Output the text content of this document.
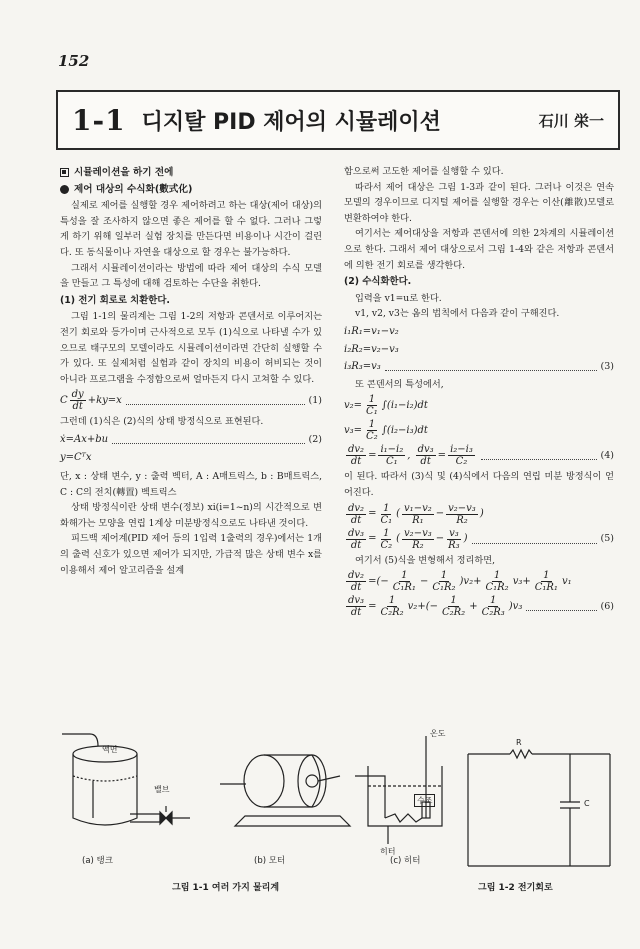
152
1-1 디지탈 PID 제어의 시뮬레이션	石川 栄一
시뮬레이션을 하기 전에
제어 대상의 수식화(數式化)

실제로 제어를 실행할 경우 제어하려고 하는 대상(제어 대상)의 특성을 잘 조사하지 않으면 좋은 제어를 할 수 없다. 그러나 그렇게 하기 위해 일부러 실험 장치를 만든다면 비용이나 시간이 걸린다. 또 동식물이나 자연을 대상으로 할 경우는 불가능하다.

그래서 시뮬레이션이라는 방법에 따라 제어 대상의 수식 모델을 만들고 그 특성에 대해 검토하는 수단을 취한다.

(1) 전기 회로로 치환한다.

그림 1-1의 물리계는 그림 1-2의 저항과 콘덴서로 이루어지는 전기 회로와 등가이며 근사적으로 모두 (1)식으로 나타낼 수가 있으므로 태구모의 모델이라도 시뮬레이션이라면 간단히 실행할 수가 있다. 또 실제처럼 실험과 같이 장치의 비용이 허비되는 것이 아니라 프로그램을 수정함으로써 얼마든지 다시 고쳐할 수 있다.

C $\frac{dy}{dt} +ky=x$	(1)

그런데 (1)식은 (2)식의 상태 방정식으로 표현된다.

ẋ=Ax+bu	(2)
y=Cᵀx

단, x : 상태 변수, y : 출력 벡터, A : A매트릭스, b : B매트릭스, C : C의 전치(轉置) 벡트릭스

상태 방정식이란 상태 변수(정보) xi(i=1~n)의 시간적으로 변화해가는 모양을 연립 1계상 미분방정식으로도 나타낸 것이다.

피드백 제어계(PID 제어 등의 1입력 1출력의 경우)에서는 1개의 출력 신호가 있으면 제어가 되지만, 가급적 많은 상태 변수 x를 이용해서 제어 알고리즘을 설계

함으로써 고도한 제어를 실행할 수 있다.

따라서 제어 대상은 그림 1-3과 같이 된다. 그러나 이것은 연속 모델의 경우이므로 디지털 제어를 실행할 경우는 이산(離散)모델로 변환하여야 한다.

여기서는 제어대상을 저항과 콘덴서에 의한 2차계의 시뮬레이션으로 한다. 그래서 제어 대상으로서 그림 1-4와 같은 저항과 콘덴서에 의한 전기 회로를 생각한다.

(2) 수식화한다.

입력을 v1=u로 한다.

v1, v2, v3는 옴의 법칙에서 다음과 같이 구해진다.

i₁R₁=v₁−v₂
i₂R₂=v₂−v₃
i₃R₃=v₃	(3)

또 콘덴서의 특성에서,

$v_2= \frac{1}{\text{C₁}} \int(i_1-i_2)dt$
$v_3= \frac{1}{\text{C₂}} \int(i_2-i_3)dt$
$\frac{\text{dv₂}}{dt} = \frac{\text{i₁−i₂}}{\text{C₁}}$ , $\frac{\text{dv₃}}{dt} = \frac{\text{i₂−i₃}}{\text{C₂}}$	(4)

이 된다. 따라서 (3)식 및 (4)식에서 다음의 연립 미분 방정식이 얻어진다.

$\frac{\text{dv₂}}{dt} = \frac{1}{\text{C₁}}$ ( $\frac{\text{v₁−v₂}}{\text{R₁}} - \frac{\text{v₂−v₃}}{\text{R₂}}$ )
$\frac{\text{dv₃}}{dt} = \frac{1}{\text{C₂}}$ ( $\frac{\text{v₂−v₃}}{\text{R₂}} - \frac{\text{v₃}}{\text{R₃}}$ )	(5)

여기서 (5)식을 변형해서 정리하면,

$\frac{\text{dv₂}}{dt}$ =(− $\frac{1}{\text{C₁R₁}} - \frac{1}{\text{C₁R₂}} )v_2+ \frac{1}{\text{C₁R₂}} v_3+ \frac{1}{\text{C₁R₁}} v_1$
$\frac{\text{dv₃}}{dt} = \frac{1}{\text{C₂R₂}} v_2+(- \frac{1}{\text{C₂R₂}} + \frac{1}{\text{C₂R₃}} )v_3$	(6)
액면
밸브
온도
수조
히터
R
C
(a) 탱크	(b) 모터	(c) 히터
그림 1-1 여러 가지 물리계	그림 1-2 전기회로
